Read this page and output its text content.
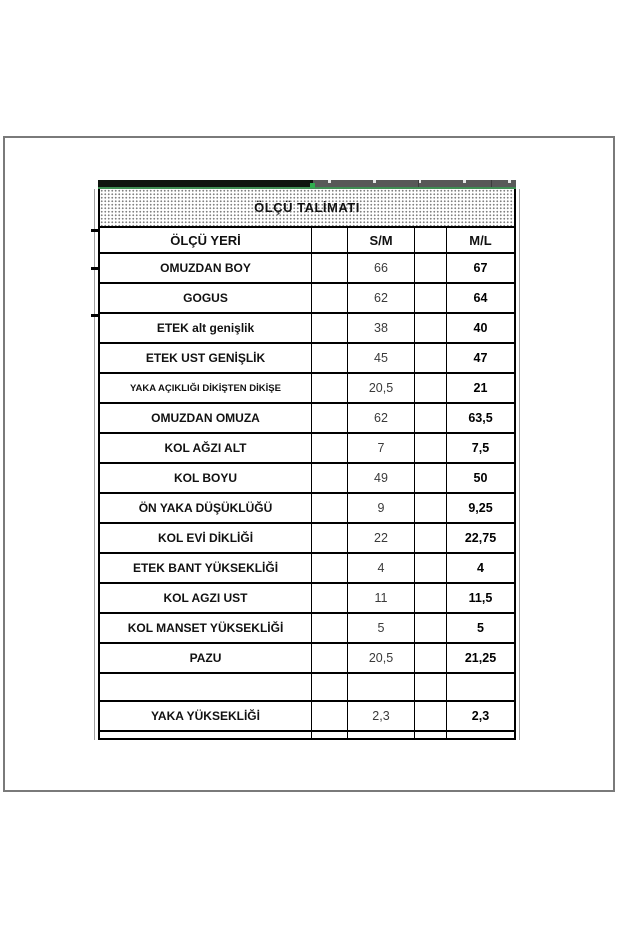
ÖLÇÜ TALİMATI
ÖLÇÜ YERİ	S/M	M/L
OMUZDAN BOY	66	67
GOGUS	62	64
ETEK alt genişlik	38	40
ETEK UST GENİŞLİK	45	47
YAKA AÇIKLIĞI DİKİŞTEN DİKİŞE	20,5	21
OMUZDAN OMUZA	62	63,5
KOL AĞZI ALT	7	7,5
KOL BOYU	49	50
ÖN YAKA DÜŞÜKLÜĞÜ	9	9,25
KOL EVİ DİKLİĞİ	22	22,75
ETEK BANT YÜKSEKLİĞİ	4	4
KOL AGZI UST	11	11,5
KOL MANSET YÜKSEKLİĞİ	5	5
PAZU	20,5	21,25
YAKA YÜKSEKLİĞİ	2,3	2,3
